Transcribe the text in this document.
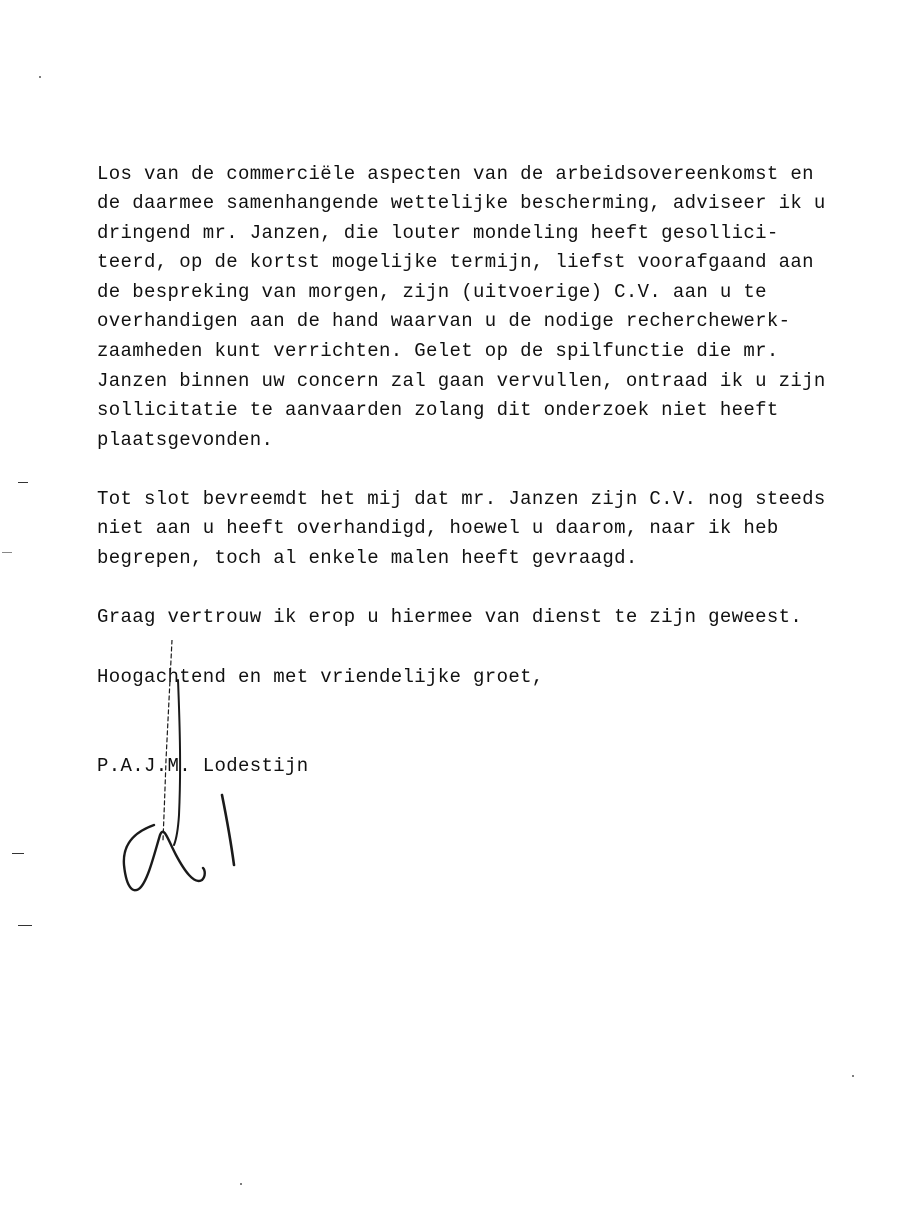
Los van de commerciële aspecten van de arbeidsovereenkomst en
de daarmee samenhangende wettelijke bescherming, adviseer ik u
dringend mr. Janzen, die louter mondeling heeft gesollici-
teerd, op de kortst mogelijke termijn, liefst voorafgaand aan
de bespreking van morgen, zijn (uitvoerige) C.V. aan u te
overhandigen aan de hand waarvan u de nodige recherchewerk-
zaamheden kunt verrichten. Gelet op de spilfunctie die mr.
Janzen binnen uw concern zal gaan vervullen, ontraad ik u zijn
sollicitatie te aanvaarden zolang dit onderzoek niet heeft
plaatsgevonden.
Tot slot bevreemdt het mij dat mr. Janzen zijn C.V. nog steeds
niet aan u heeft overhandigd, hoewel u daarom, naar ik heb
begrepen, toch al enkele malen heeft gevraagd.
Graag vertrouw ik erop u hiermee van dienst te zijn geweest.
Hoogachtend en met vriendelijke groet,
P.A.J.M. Lodestijn
